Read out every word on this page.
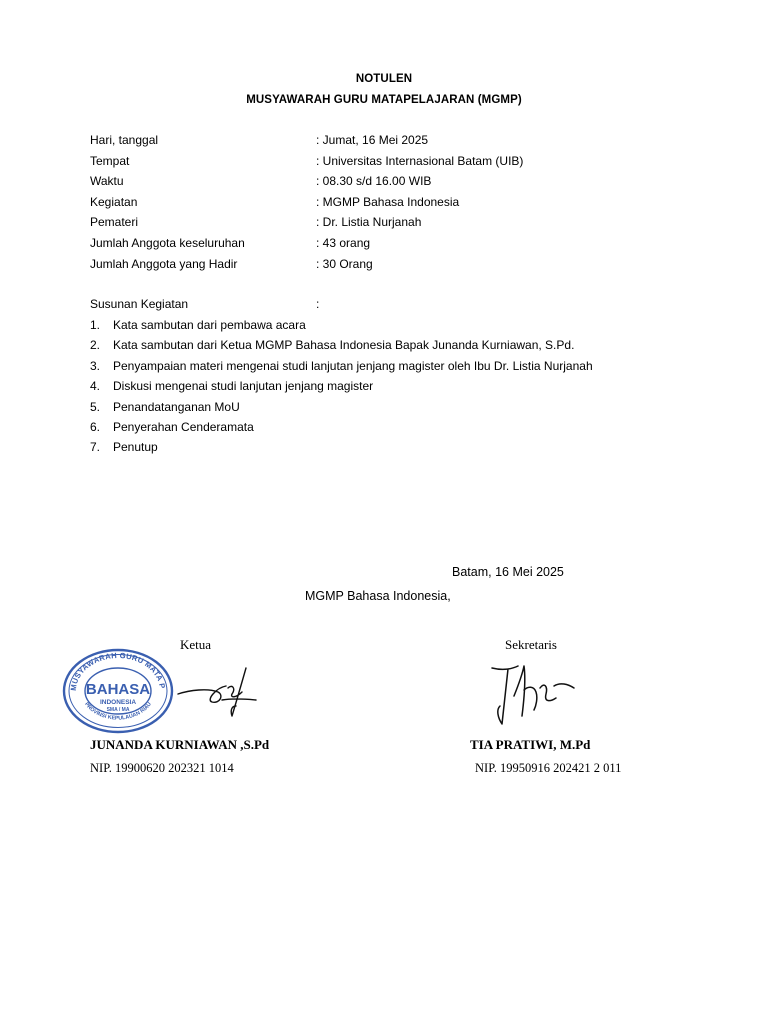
NOTULEN
MUSYAWARAH GURU MATAPELAJARAN (MGMP)
Hari, tanggal	: Jumat, 16 Mei 2025
Tempat	: Universitas Internasional Batam (UIB)
Waktu	: 08.30 s/d 16.00 WIB
Kegiatan	: MGMP Bahasa Indonesia
Pemateri	: Dr. Listia Nurjanah
Jumlah Anggota keseluruhan	: 43 orang
Jumlah Anggota yang Hadir	: 30 Orang
Susunan Kegiatan	:
1. Kata sambutan dari pembawa acara
2. Kata sambutan dari Ketua MGMP Bahasa Indonesia Bapak Junanda Kurniawan, S.Pd.
3. Penyampaian materi mengenai studi lanjutan jenjang magister oleh Ibu Dr. Listia Nurjanah
4. Diskusi mengenai studi lanjutan jenjang magister
5. Penandatanganan MoU
6. Penyerahan Cenderamata
7. Penutup
Batam, 16 Mei 2025
MGMP Bahasa Indonesia,
Ketua	Sekretaris
MUSYAWARAH GURU MATA PELAJARAN
PROVINSI KEPULAUAN RIAU
BAHASA
INDONESIA
SMA / MA
JUNANDA KURNIAWAN ,S.Pd	TIA PRATIWI, M.Pd
NIP. 19900620 202321 1014	NIP. 19950916 202421 2 011
